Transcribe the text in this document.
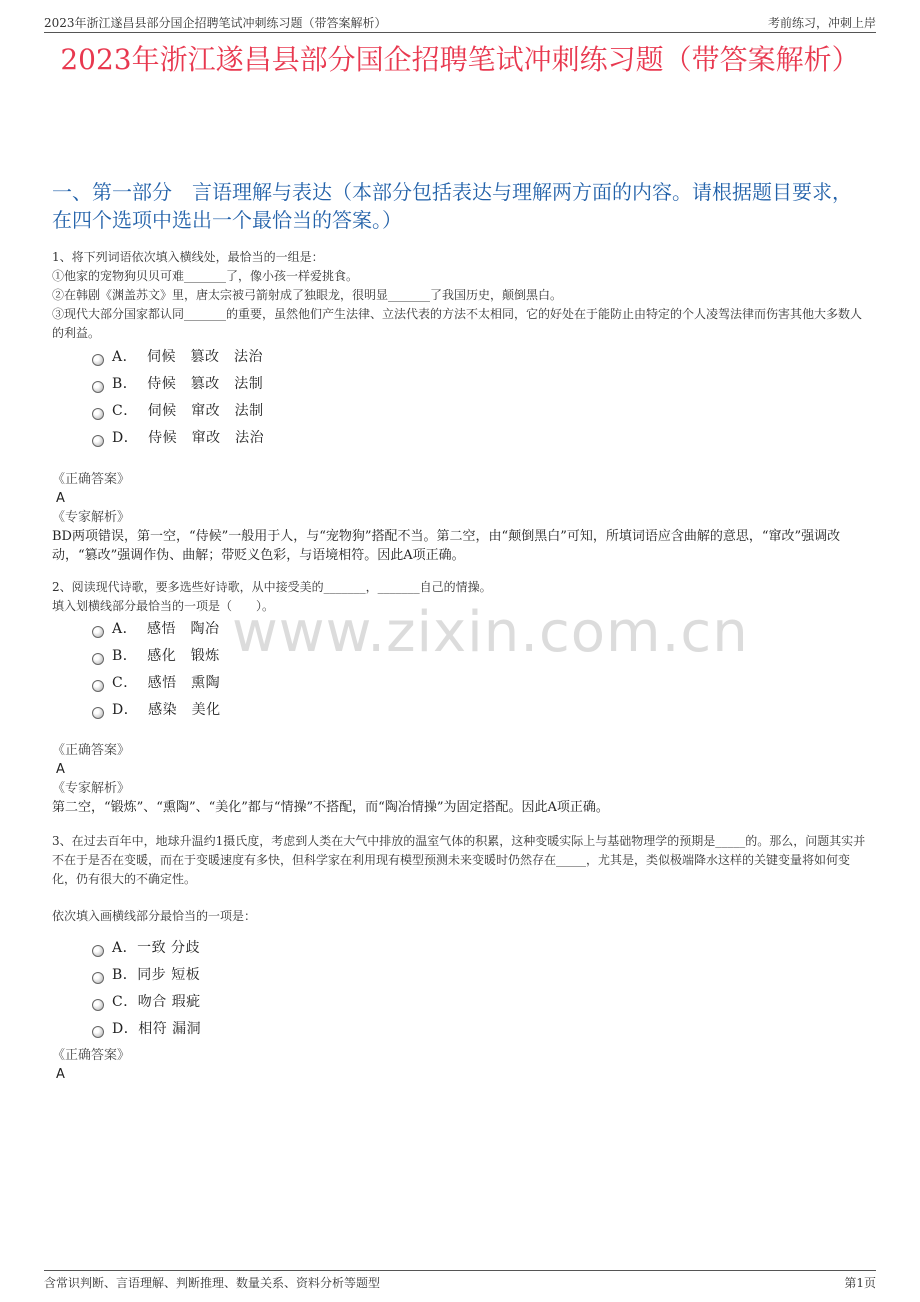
2023年浙江遂昌县部分国企招聘笔试冲刺练习题（带答案解析）	考前练习，冲刺上岸
2023年浙江遂昌县部分国企招聘笔试冲刺练习题（带答案解析）
一、第一部分　言语理解与表达（本部分包括表达与理解两方面的内容。请根据题目要求，在四个选项中选出一个最恰当的答案。）
www.zixin.com.cn

1、将下列词语依次填入横线处，最恰当的一组是：

①他家的宠物狗贝贝可难_______了，像小孩一样爱挑食。

②在韩剧《渊盖苏文》里，唐太宗被弓箭射成了独眼龙，很明显_______了我国历史，颠倒黑白。

③现代大部分国家都认同_______的重要，虽然他们产生法律、立法代表的方法不太相同，它的好处在于能防止由特定的个人凌驾法律而伤害其他大多数人的利益。

A．  伺候　篡改　法治
B．  侍候　篡改　法制
C．  伺候　窜改　法制
D．  侍候　窜改　法治

《正确答案》

A

《专家解析》

BD两项错误，第一空，“侍候”一般用于人，与“宠物狗”搭配不当。第二空，由“颠倒黑白”可知，所填词语应含曲解的意思，“窜改”强调改动，“篡改”强调作伪、曲解；带贬义色彩，与语境相符。因此A项正确。

2、阅读现代诗歌，要多选些好诗歌，从中接受美的_______，_______自己的情操。

填入划横线部分最恰当的一项是（　　）。

A．  感悟　陶冶
B．  感化　锻炼
C．  感悟　熏陶
D．  感染　美化

《正确答案》

A

《专家解析》

第二空，“锻炼”、“熏陶”、“美化”都与“情操”不搭配，而“陶冶情操”为固定搭配。因此A项正确。

3、在过去百年中，地球升温约1摄氏度，考虑到人类在大气中排放的温室气体的积累，这种变暖实际上与基础物理学的预期是_____的。那么，问题其实并不在于是否在变暖，而在于变暖速度有多快，但科学家在利用现有模型预测未来变暖时仍然存在_____，尤其是，类似极端降水这样的关键变量将如何变化，仍有很大的不确定性。

依次填入画横线部分最恰当的一项是：

A．一致 分歧
B．同步 短板
C．吻合 瑕疵
D．相符 漏洞

《正确答案》

A

含常识判断、言语理解、判断推理、数量关系、资料分析等题型	第1页
